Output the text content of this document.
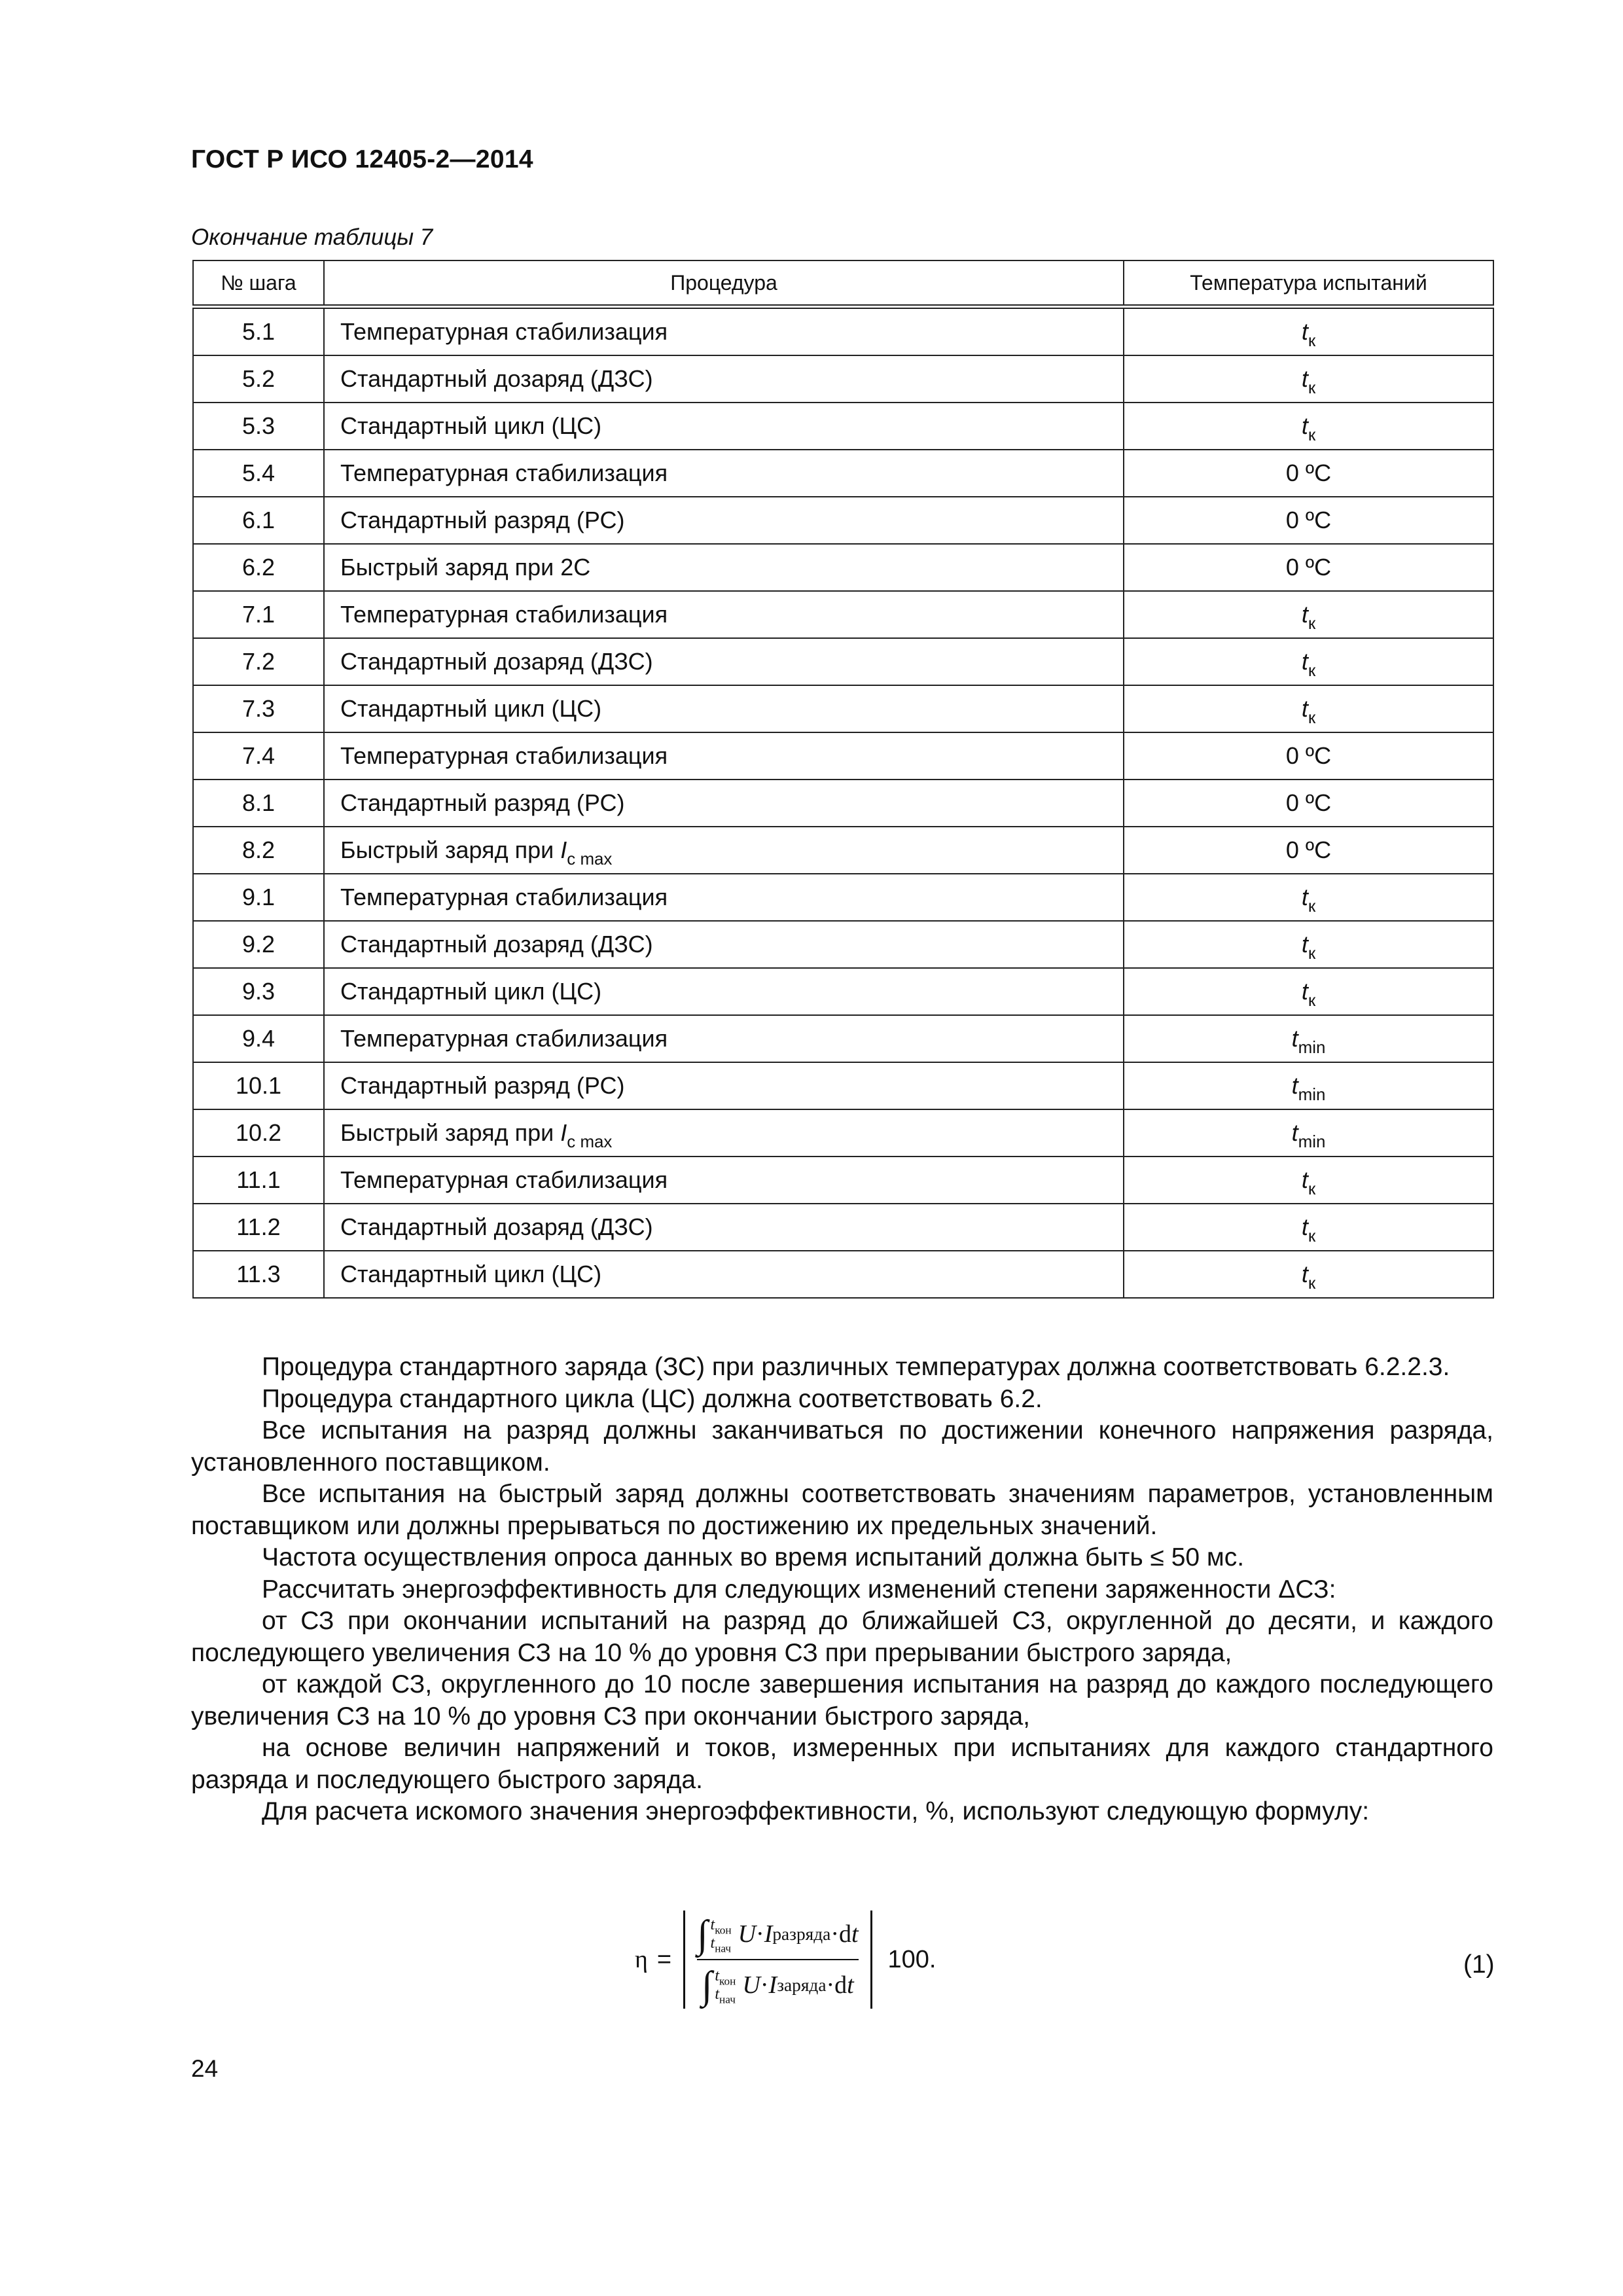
ГОСТ Р ИСО 12405-2—2014
Окончание таблицы 7
№ шага	Процедура	Температура испытаний
5.1	Температурная стабилизация	$t_к$
5.2	Стандартный дозаряд (ДЗС)	$t_к$
5.3	Стандартный цикл (ЦС)	$t_к$
5.4	Температурная стабилизация	0 ºC
6.1	Стандартный разряд (РС)	0 ºC
6.2	Быстрый заряд при 2C	0 ºC
7.1	Температурная стабилизация	$t_к$
7.2	Стандартный дозаряд (ДЗС)	$t_к$
7.3	Стандартный цикл (ЦС)	$t_к$
7.4	Температурная стабилизация	0 ºC
8.1	Стандартный разряд (РС)	0 ºC
8.2	Быстрый заряд при $I_{c max}$	0 ºC
9.1	Температурная стабилизация	$t_к$
9.2	Стандартный дозаряд (ДЗС)	$t_к$
9.3	Стандартный цикл (ЦС)	$t_к$
9.4	Температурная стабилизация	$t_{min}$
10.1	Стандартный разряд (РС)	$t_{min}$
10.2	Быстрый заряд при $I_{c max}$	$t_{min}$
11.1	Температурная стабилизация	$t_к$
11.2	Стандартный дозаряд (ДЗС)	$t_к$
11.3	Стандартный цикл (ЦС)	$t_к$

Процедура стандартного заряда (ЗС) при различных температурах должна соответствовать 6.2.2.3.

Процедура стандартного цикла (ЦС) должна соответствовать 6.2.

Все испытания на разряд должны заканчиваться по достижении конечного напряжения разряда, установленного поставщиком.

Все испытания на быстрый заряд должны соответствовать значениям параметров, установленным поставщиком или должны прерываться по достижению их предельных значений.

Частота осуществления опроса данных во время испытаний должна быть ≤ 50 мс.

Рассчитать энергоэффективность для следующих изменений степени заряженности ΔСЗ:

от СЗ при окончании испытаний на разряд до ближайшей СЗ, округленной до десяти, и каждого последующего увеличения СЗ на 10 % до уровня СЗ при прерывании быстрого заряда,

от каждой СЗ, округленного до 10 после завершения испытания на разряд до каждого последующего увеличения СЗ на 10 % до уровня СЗ при окончании быстрого заряда,

на основе величин напряжений и токов, измеренных при испытаниях для каждого стандартного разряда и последующего быстрого заряда.

Для расчета искомого значения энергоэффективности, %, используют следующую формулу:

η =
∫ $t_{кон}$
$t_{нач}$
U · I разряда · d t
∫ $t_{кон}$
$t_{нач}$
U · I заряда · d t
100.	(1)
24
